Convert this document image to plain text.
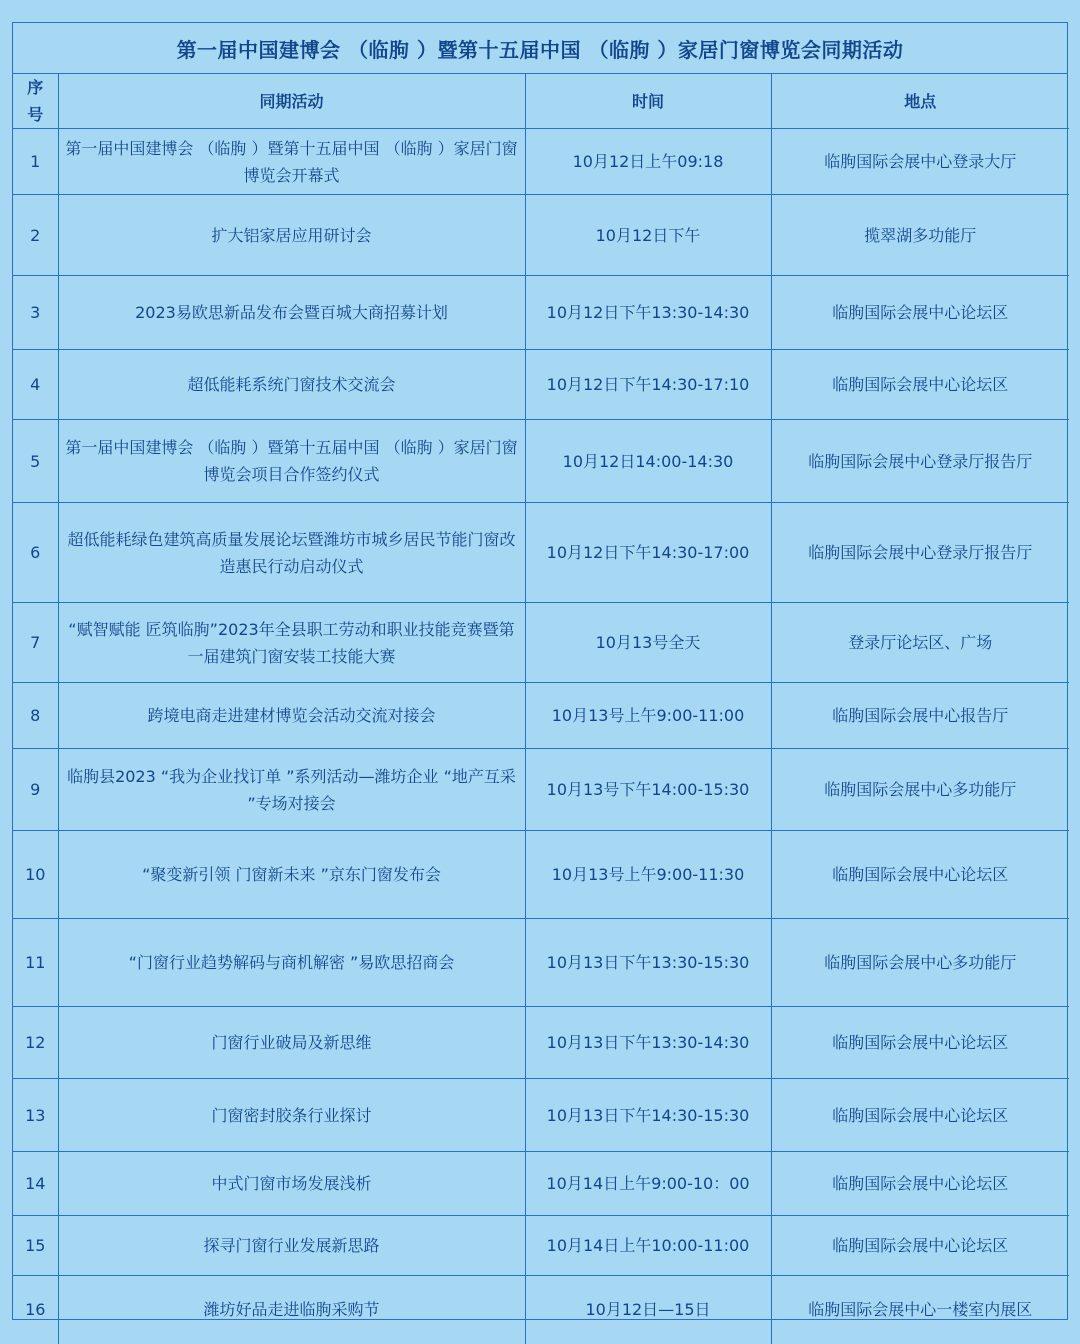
第一届中国建博会 （临朐 ）暨第十五届中国 （临朐 ）家居门窗博览会同期活动
序号	同期活动	时间	地点
1	第一届中国建博会 （临朐 ）暨第十五届中国 （临朐 ）家居门窗博览会开幕式	10月12日上午09:18	临朐国际会展中心登录大厅
2	扩大铝家居应用研讨会	10月12日下午	揽翠湖多功能厅
3	2023易欧思新品发布会暨百城大商招募计划	10月12日下午13:30-14:30	临朐国际会展中心论坛区
4	超低能耗系统门窗技术交流会	10月12日下午14:30-17:10	临朐国际会展中心论坛区
5	第一届中国建博会 （临朐 ）暨第十五届中国 （临朐 ）家居门窗博览会项目合作签约仪式	10月12日14:00-14:30	临朐国际会展中心登录厅报告厅
6	超低能耗绿色建筑高质量发展论坛暨潍坊市城乡居民节能门窗改造惠民行动启动仪式	10月12日下午14:30-17:00	临朐国际会展中心登录厅报告厅
7	“赋智赋能 匠筑临朐”2023年全县职工劳动和职业技能竞赛暨第一届建筑门窗安装工技能大赛	10月13号全天	登录厅论坛区、广场
8	跨境电商走进建材博览会活动交流对接会	10月13号上午9:00-11:00	临朐国际会展中心报告厅
9	临朐县2023 “我为企业找订单 ”系列活动—潍坊企业 “地产互采 ”专场对接会	10月13号下午14:00-15:30	临朐国际会展中心多功能厅
10	“聚变新引领 门窗新未来 ”京东门窗发布会	10月13号上午9:00-11:30	临朐国际会展中心论坛区
11	“门窗行业趋势解码与商机解密 ”易欧思招商会	10月13日下午13:30-15:30	临朐国际会展中心多功能厅
12	门窗行业破局及新思维	10月13日下午13:30-14:30	临朐国际会展中心论坛区
13	门窗密封胶条行业探讨	10月13日下午14:30-15:30	临朐国际会展中心论坛区
14	中式门窗市场发展浅析	10月14日上午9:00-10：00	临朐国际会展中心论坛区
15	探寻门窗行业发展新思路	10月14日上午10:00-11:00	临朐国际会展中心论坛区
16	潍坊好品走进临朐采购节	10月12日—15日	临朐国际会展中心一楼室内展区
